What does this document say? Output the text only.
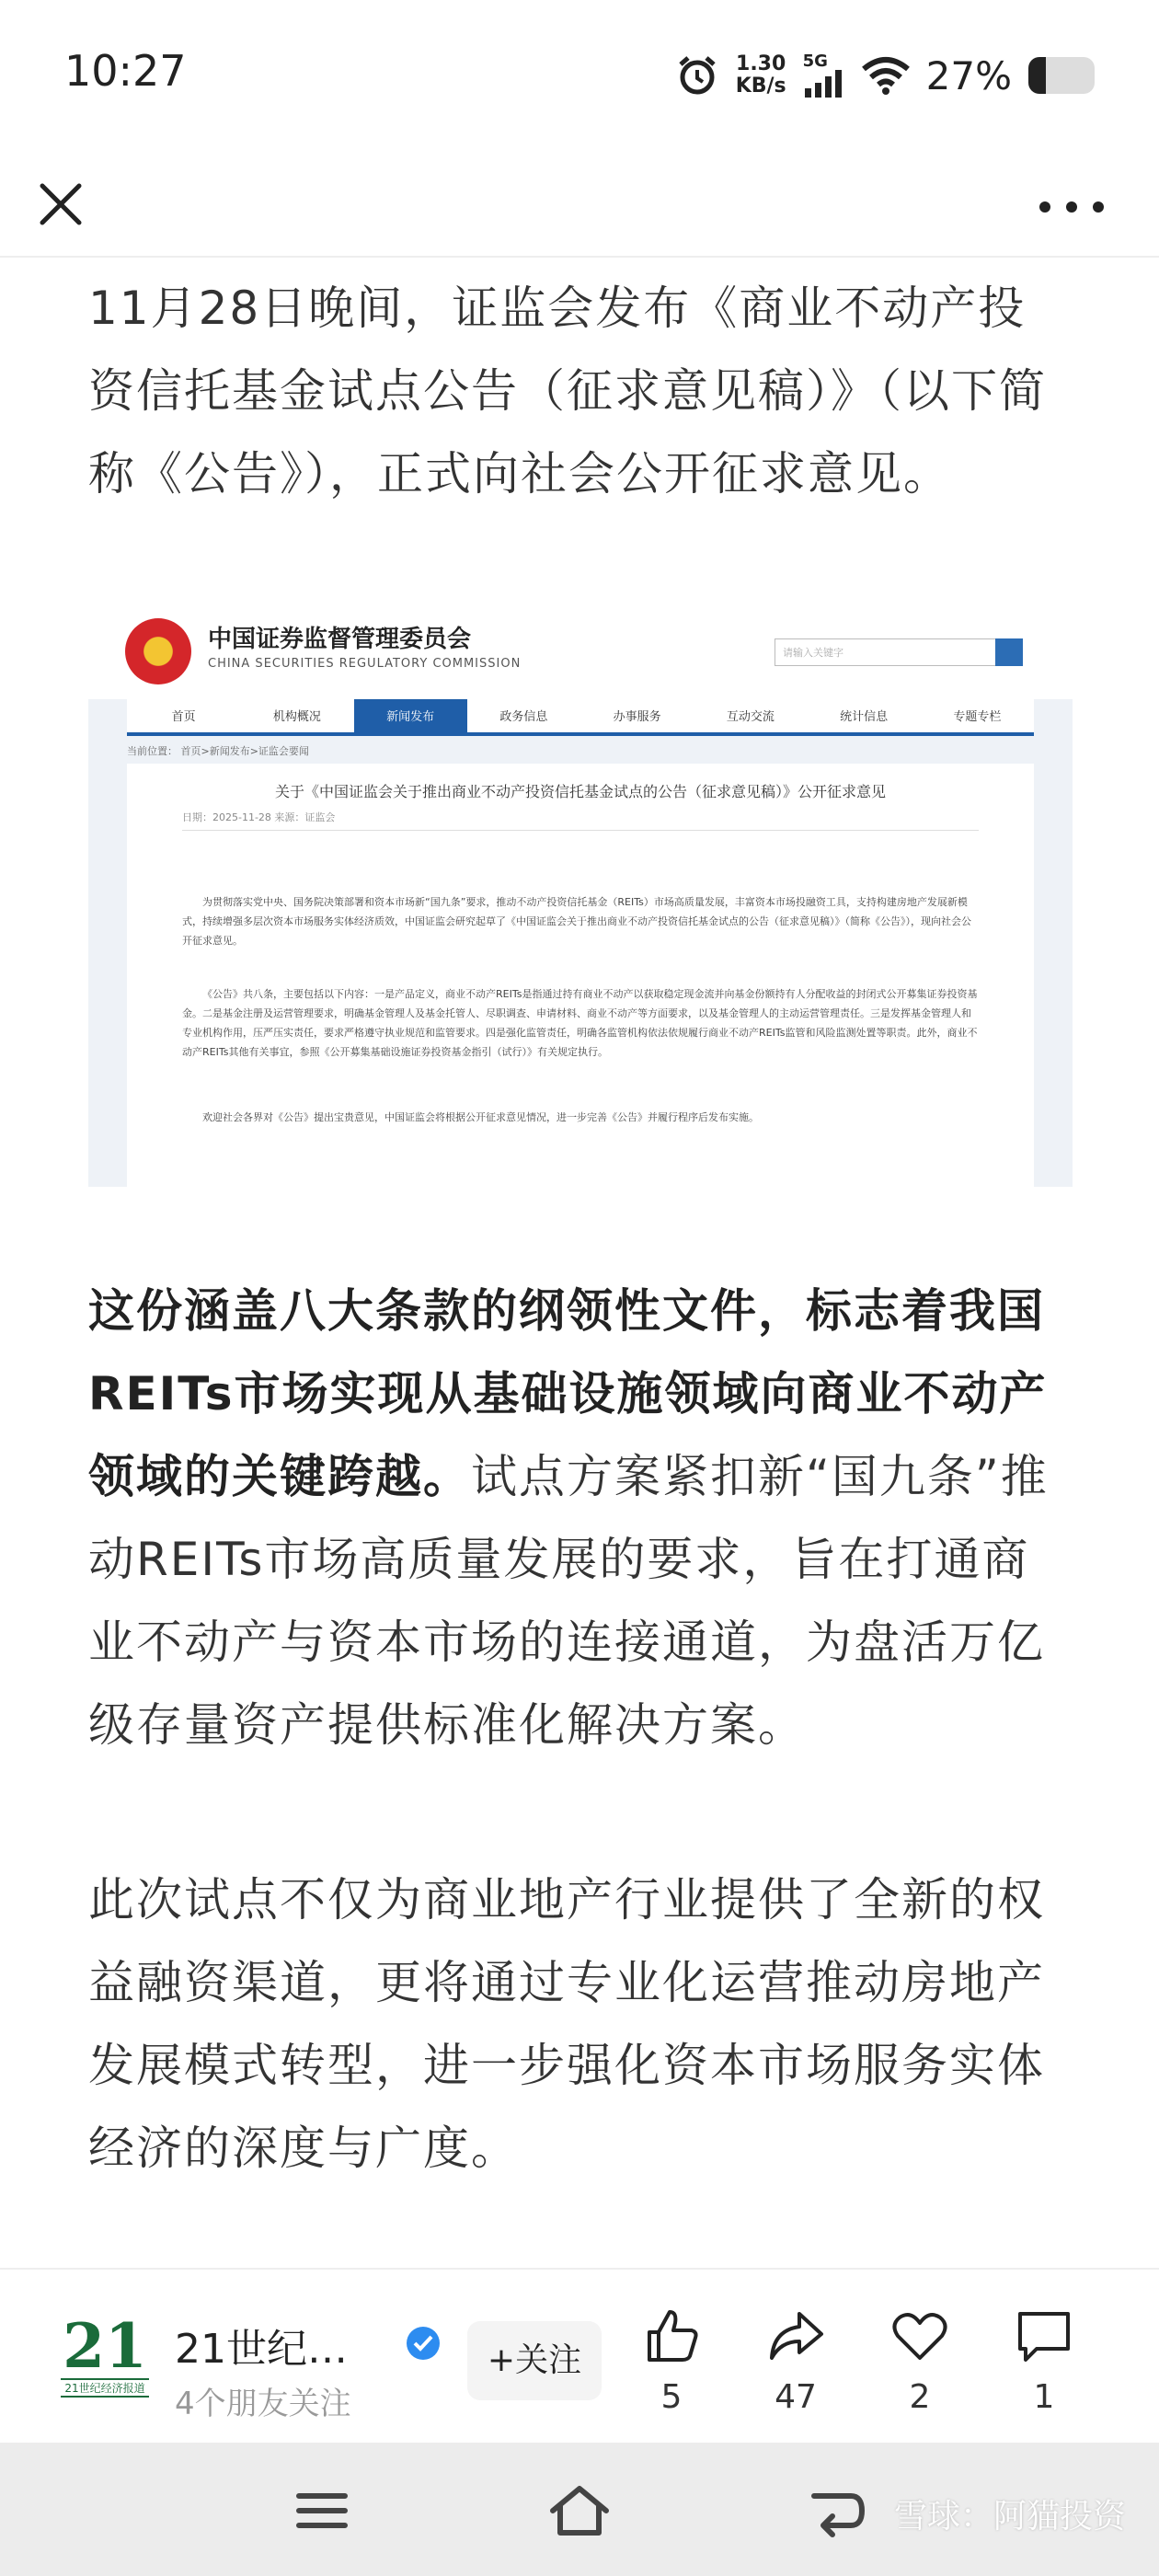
10:27	1.30
KB/s
5G	27%

11月28日晚间，证监会发布《商业不动产投资信托基金试点公告（征求意见稿）》（以下简称《公告》），正式向社会公开征求意见。

中国证券监督管理委员会
CHINA SECURITIES REGULATORY COMMISSION
请输入关键字
首页	机构概况	新闻发布	政务信息	办事服务	互动交流	统计信息	专题专栏
当前位置： 首页>新闻发布>证监会要闻
关于《中国证监会关于推出商业不动产投资信托基金试点的公告（征求意见稿）》公开征求意见
日期：2025-11-28 来源：证监会

为贯彻落实党中央、国务院决策部署和资本市场新“国九条”要求，推动不动产投资信托基金（REITs）市场高质量发展，丰富资本市场投融资工具，支持构建房地产发展新模式，持续增强多层次资本市场服务实体经济质效，中国证监会研究起草了《中国证监会关于推出商业不动产投资信托基金试点的公告（征求意见稿）》（简称《公告》），现向社会公开征求意见。

《公告》共八条，主要包括以下内容：一是产品定义，商业不动产REITs是指通过持有商业不动产以获取稳定现金流并向基金份额持有人分配收益的封闭式公开募集证券投资基金。二是基金注册及运营管理要求，明确基金管理人及基金托管人、尽职调查、申请材料、商业不动产等方面要求，以及基金管理人的主动运营管理责任。三是发挥基金管理人和专业机构作用，压严压实责任，要求严格遵守执业规范和监管要求。四是强化监管责任，明确各监管机构依法依规履行商业不动产REITs监管和风险监测处置等职责。此外，商业不动产REITs其他有关事宜，参照《公开募集基础设施证券投资基金指引（试行）》有关规定执行。

欢迎社会各界对《公告》提出宝贵意见，中国证监会将根据公开征求意见情况，进一步完善《公告》并履行程序后发布实施。

这份涵盖八大条款的纲领性文件，标志着我国REITs市场实现从基础设施领域向商业不动产领域的关键跨越。试点方案紧扣新“国九条”推动REITs市场高质量发展的要求，旨在打通商业不动产与资本市场的连接通道，为盘活万亿级存量资产提供标准化解决方案。

此次试点不仅为商业地产行业提供了全新的权益融资渠道，更将通过专业化运营推动房地产发展模式转型，进一步强化资本市场服务实体经济的深度与广度。

21
21世纪经济报道
21世纪…
4个朋友关注
+关注
5	47	2	1
雪球：阿猫投资
